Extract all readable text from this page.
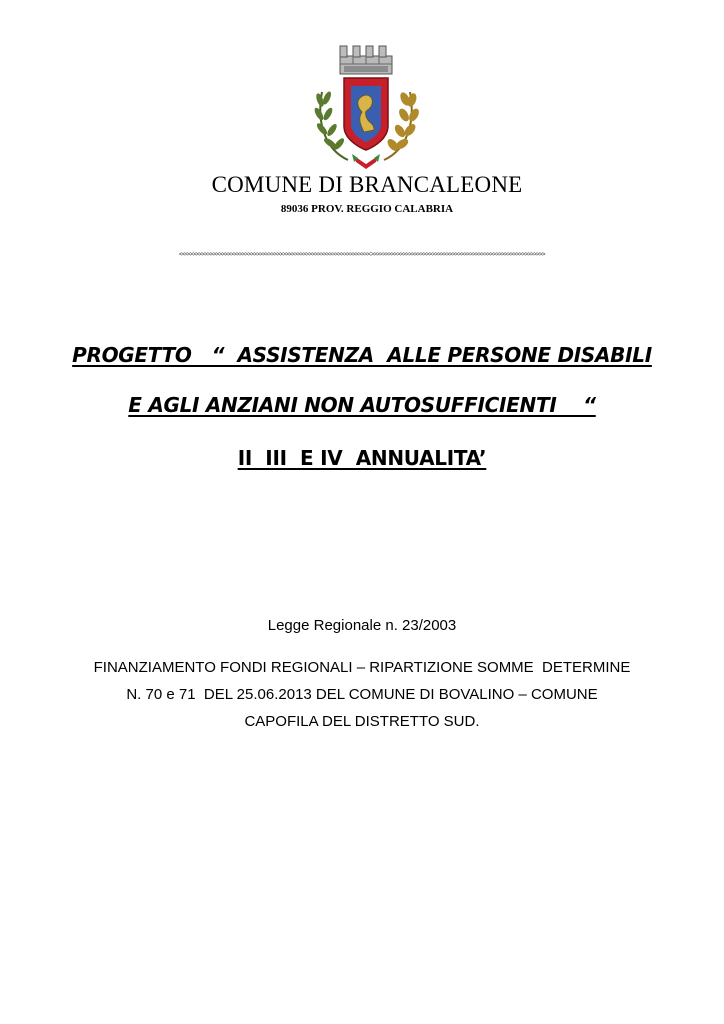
COMUNE DI BRANCALEONE
89036 PROV. REGGIO CALABRIA
<<<<<<<<<<<<<<<<<<<<<<<<<<<<<<<<<<<<<<<<<<<<<<<<<<<<<<<<<<<<<<<<<<>>>>>>>>>>>>>>>>>>>>>>>>>>>>>>>>>>>>>>>>>>>>>>>>>>>>>>>>>>>>
PROGETTO   “  ASSISTENZA  ALLE PERSONE DISABILI
E AGLI ANZIANI NON AUTOSUFFICIENTI    “
II  III  E IV  ANNUALITA’
Legge Regionale n. 23/2003
FINANZIAMENTO FONDI REGIONALI – RIPARTIZIONE SOMME  DETERMINE
N. 70 e 71  DEL 25.06.2013 DEL COMUNE DI BOVALINO – COMUNE
CAPOFILA DEL DISTRETTO SUD.
